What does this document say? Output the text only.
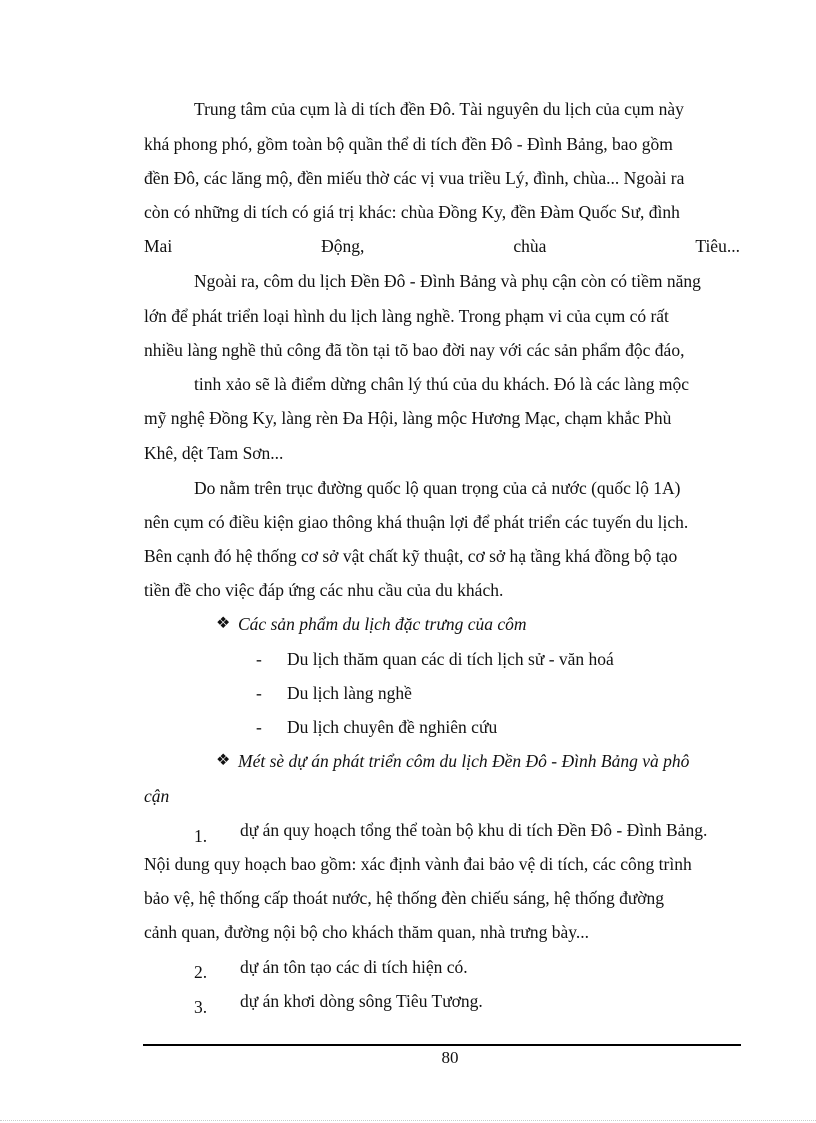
Trung tâm của cụm là di tích đền Đô. Tài nguyên du lịch của cụm này
khá phong phó, gồm toàn bộ quần thể di tích đền Đô - Đình Bảng, bao gồm
đền Đô, các lăng mộ, đền miếu thờ các vị vua triều Lý, đình, chùa... Ngoài ra
còn có những di tích có giá trị khác: chùa Đồng Ky, đền Đàm Quốc Sư, đình
Mai	Động,	chùa	Tiêu...
Ngoài ra, côm du lịch Đền Đô - Đình Bảng và phụ cận còn có tiềm năng
lớn để phát triển loại hình du lịch làng nghề. Trong phạm vi của cụm có rất
nhiều làng nghề thủ công đã tồn tại tõ bao đời nay với các sản phẩm độc đáo,
tinh xảo sẽ là điểm dừng chân lý thú của du khách. Đó là các làng mộc
mỹ nghệ Đồng Ky, làng rèn Đa Hội, làng mộc Hương Mạc, chạm khắc Phù
Khê, dệt Tam Sơn...
Do nằm trên trục đường quốc lộ quan trọng của cả nước (quốc lộ 1A)
nên cụm có điều kiện giao thông khá thuận lợi để phát triển các tuyến du lịch.
Bên cạnh đó hệ thống cơ sở vật chất kỹ thuật, cơ sở hạ tầng khá đồng bộ tạo
tiền đề cho việc đáp ứng các nhu cầu của du khách.
❖ Các sản phẩm du lịch đặc trưng của côm
- Du lịch thăm quan các di tích lịch sử - văn hoá
- Du lịch làng nghề
- Du lịch chuyên đề nghiên cứu
❖ Mét sè dự án phát triển côm du lịch Đền Đô - Đình Bảng và phô
cận
1. dự án quy hoạch tổng thể toàn bộ khu di tích Đền Đô - Đình Bảng.
Nội dung quy hoạch bao gồm: xác định vành đai bảo vệ di tích, các công trình
bảo vệ, hệ thống cấp thoát nước, hệ thống đèn chiếu sáng, hệ thống đường
cảnh quan, đường nội bộ cho khách thăm quan, nhà trưng bày...
2. dự án tôn tạo các di tích hiện có.
3. dự án khơi dòng sông Tiêu Tương.
80
